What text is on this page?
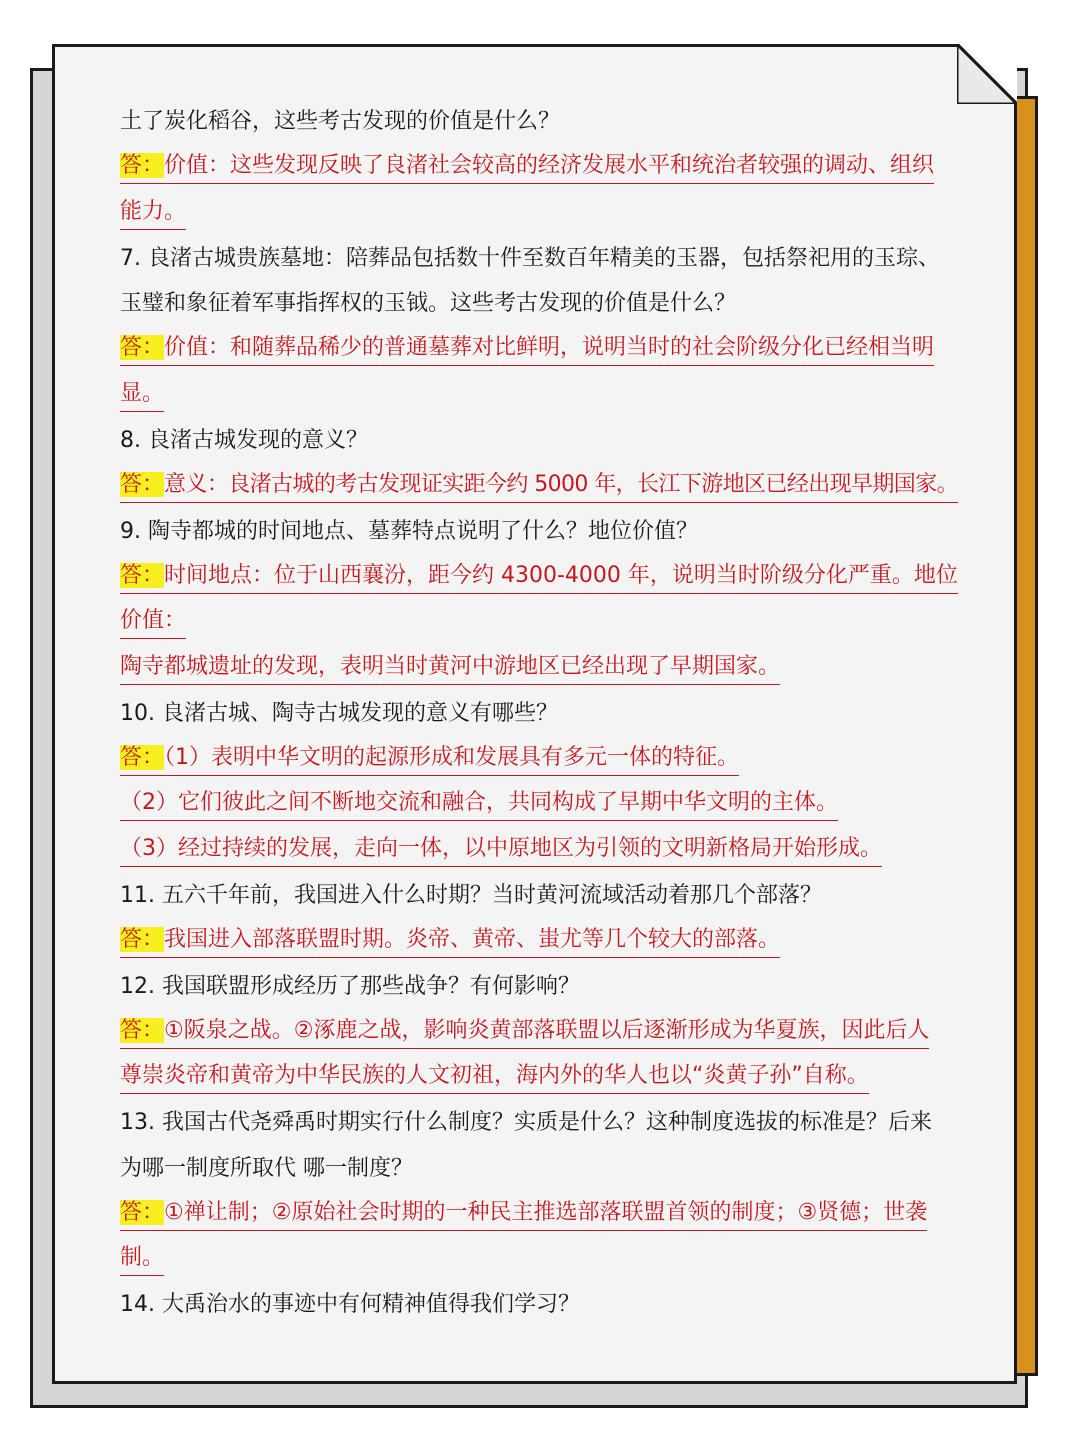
土了炭化稻谷，这些考古发现的价值是什么？
答：价值：这些发现反映了良渚社会较高的经济发展水平和统治者较强的调动、组织
能力。
7. 良渚古城贵族墓地：陪葬品包括数十件至数百年精美的玉器，包括祭祀用的玉琮、
玉璧和象征着军事指挥权的玉钺。这些考古发现的价值是什么？
答：价值：和随葬品稀少的普通墓葬对比鲜明，说明当时的社会阶级分化已经相当明
显。
8. 良渚古城发现的意义？
答：意义：良渚古城的考古发现证实距今约 5000 年，长江下游地区已经出现早期国家。
9. 陶寺都城的时间地点、墓葬特点说明了什么？地位价值？
答：时间地点：位于山西襄汾，距今约 4300-4000 年，说明当时阶级分化严重。地位
价值：
陶寺都城遗址的发现，表明当时黄河中游地区已经出现了早期国家。
10. 良渚古城、陶寺古城发现的意义有哪些？
答：（1）表明中华文明的起源形成和发展具有多元一体的特征。
（2）它们彼此之间不断地交流和融合，共同构成了早期中华文明的主体。
（3）经过持续的发展，走向一体，以中原地区为引领的文明新格局开始形成。
11. 五六千年前，我国进入什么时期？当时黄河流域活动着那几个部落？
答：我国进入部落联盟时期。炎帝、黄帝、蚩尤等几个较大的部落。
12. 我国联盟形成经历了那些战争？有何影响？
答：①阪泉之战。②涿鹿之战，影响炎黄部落联盟以后逐渐形成为华夏族，因此后人
尊崇炎帝和黄帝为中华民族的人文初祖，海内外的华人也以“炎黄子孙”自称。
13. 我国古代尧舜禹时期实行什么制度？实质是什么？这种制度选拔的标准是？后来
为哪一制度所取代 哪一制度？
答：①禅让制；②原始社会时期的一种民主推选部落联盟首领的制度；③贤德；世袭
制。
14. 大禹治水的事迹中有何精神值得我们学习？
